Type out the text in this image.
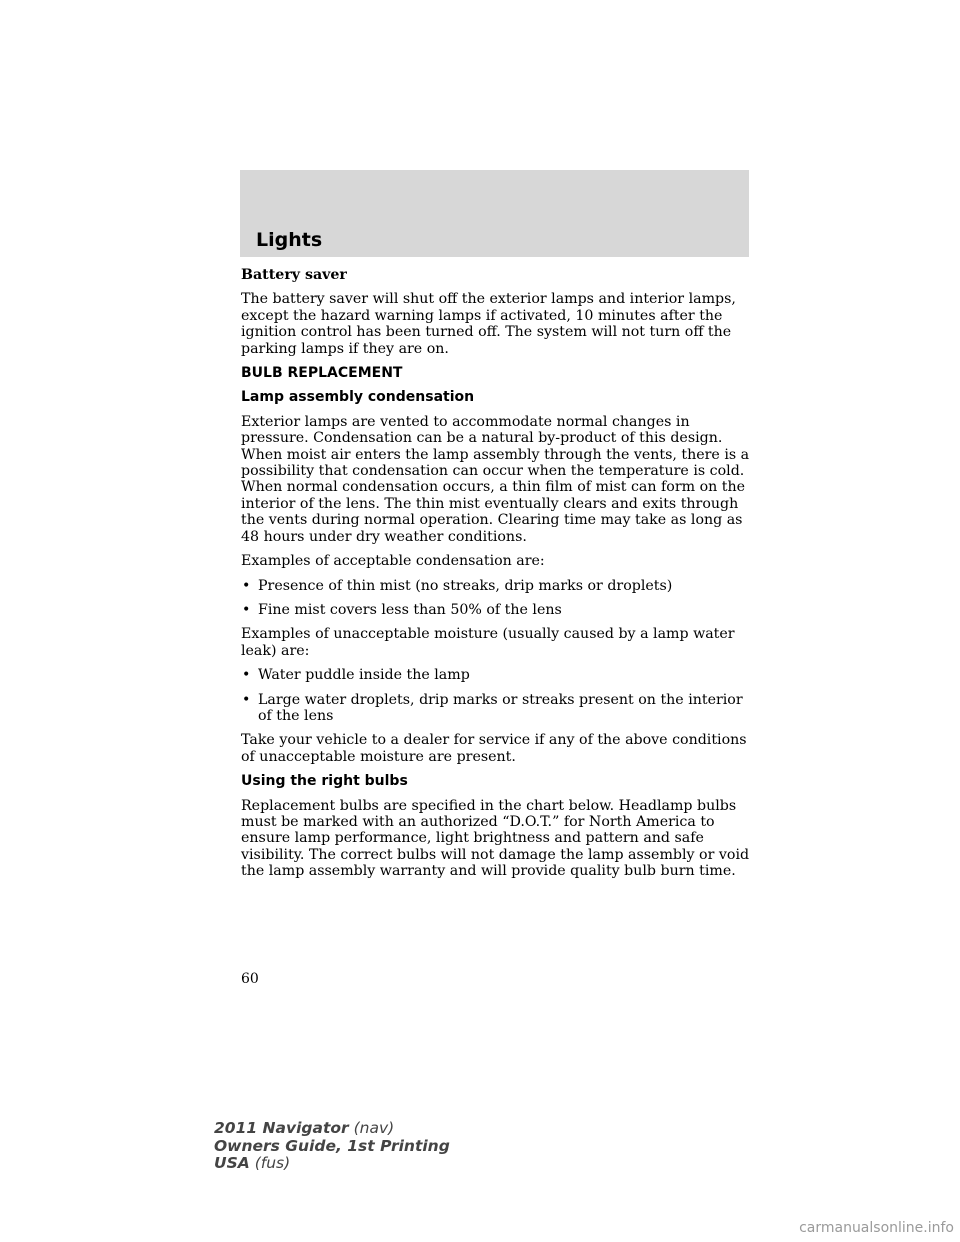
Lights

Battery saver

The battery saver will shut off the exterior lamps and interior lamps, except the hazard warning lamps if activated, 10 minutes after the ignition control has been turned off. The system will not turn off the parking lamps if they are on.

BULB REPLACEMENT

Lamp assembly condensation

Exterior lamps are vented to accommodate normal changes in pressure. Condensation can be a natural by-product of this design. When moist air enters the lamp assembly through the vents, there is a possibility that condensation can occur when the temperature is cold. When normal condensation occurs, a thin film of mist can form on the interior of the lens. The thin mist eventually clears and exits through the vents during normal operation. Clearing time may take as long as 48 hours under dry weather conditions.

Examples of acceptable condensation are:

• Presence of thin mist (no streaks, drip marks or droplets)
• Fine mist covers less than 50% of the lens

Examples of unacceptable moisture (usually caused by a lamp water leak) are:

• Water puddle inside the lamp
• Large water droplets, drip marks or streaks present on the interior of the lens

Take your vehicle to a dealer for service if any of the above conditions of unacceptable moisture are present.

Using the right bulbs

Replacement bulbs are specified in the chart below. Headlamp bulbs must be marked with an authorized “D.O.T.” for North America to ensure lamp performance, light brightness and pattern and safe visibility. The correct bulbs will not damage the lamp assembly or void the lamp assembly warranty and will provide quality bulb burn time.

60
2011 Navigator (nav)
Owners Guide, 1st Printing
USA (fus)
carmanualsonline.info
